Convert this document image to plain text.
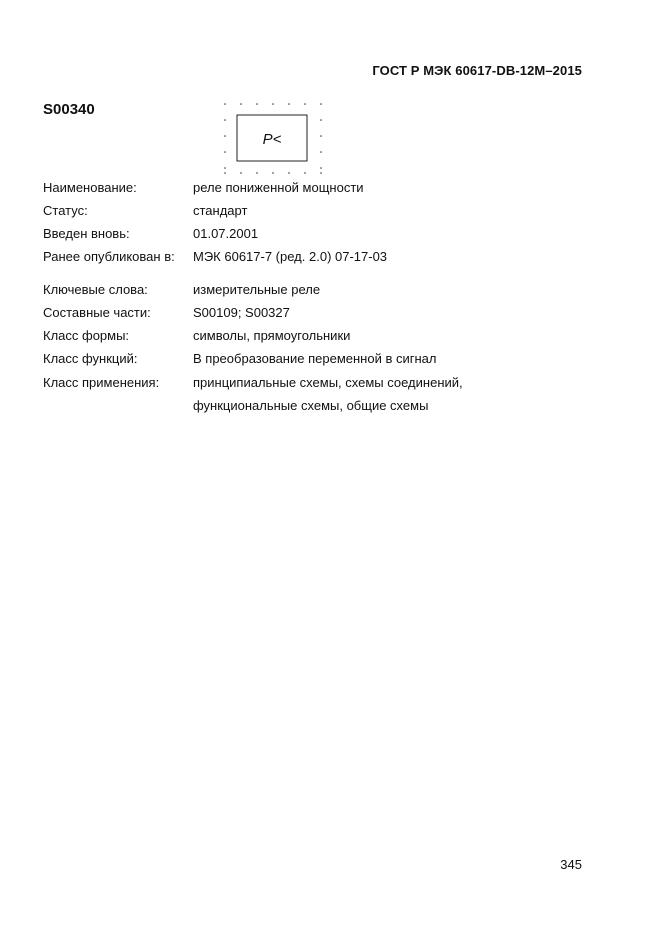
ГОСТ Р МЭК 60617-DB-12M–2015
S00340
P<
Наименование:	реле пониженной мощности
Статус:	стандарт
Введен вновь:	01.07.2001
Ранее опубликован в: МЭК 60617-7 (ред. 2.0) 07-17-03
Ключевые слова:	измерительные реле
Составные части:	S00109; S00327
Класс формы:	символы, прямоугольники
Класс функций:	В преобразование переменной в сигнал
Класс применения:	принципиальные схемы, схемы соединений,
функциональные схемы, общие схемы
345
